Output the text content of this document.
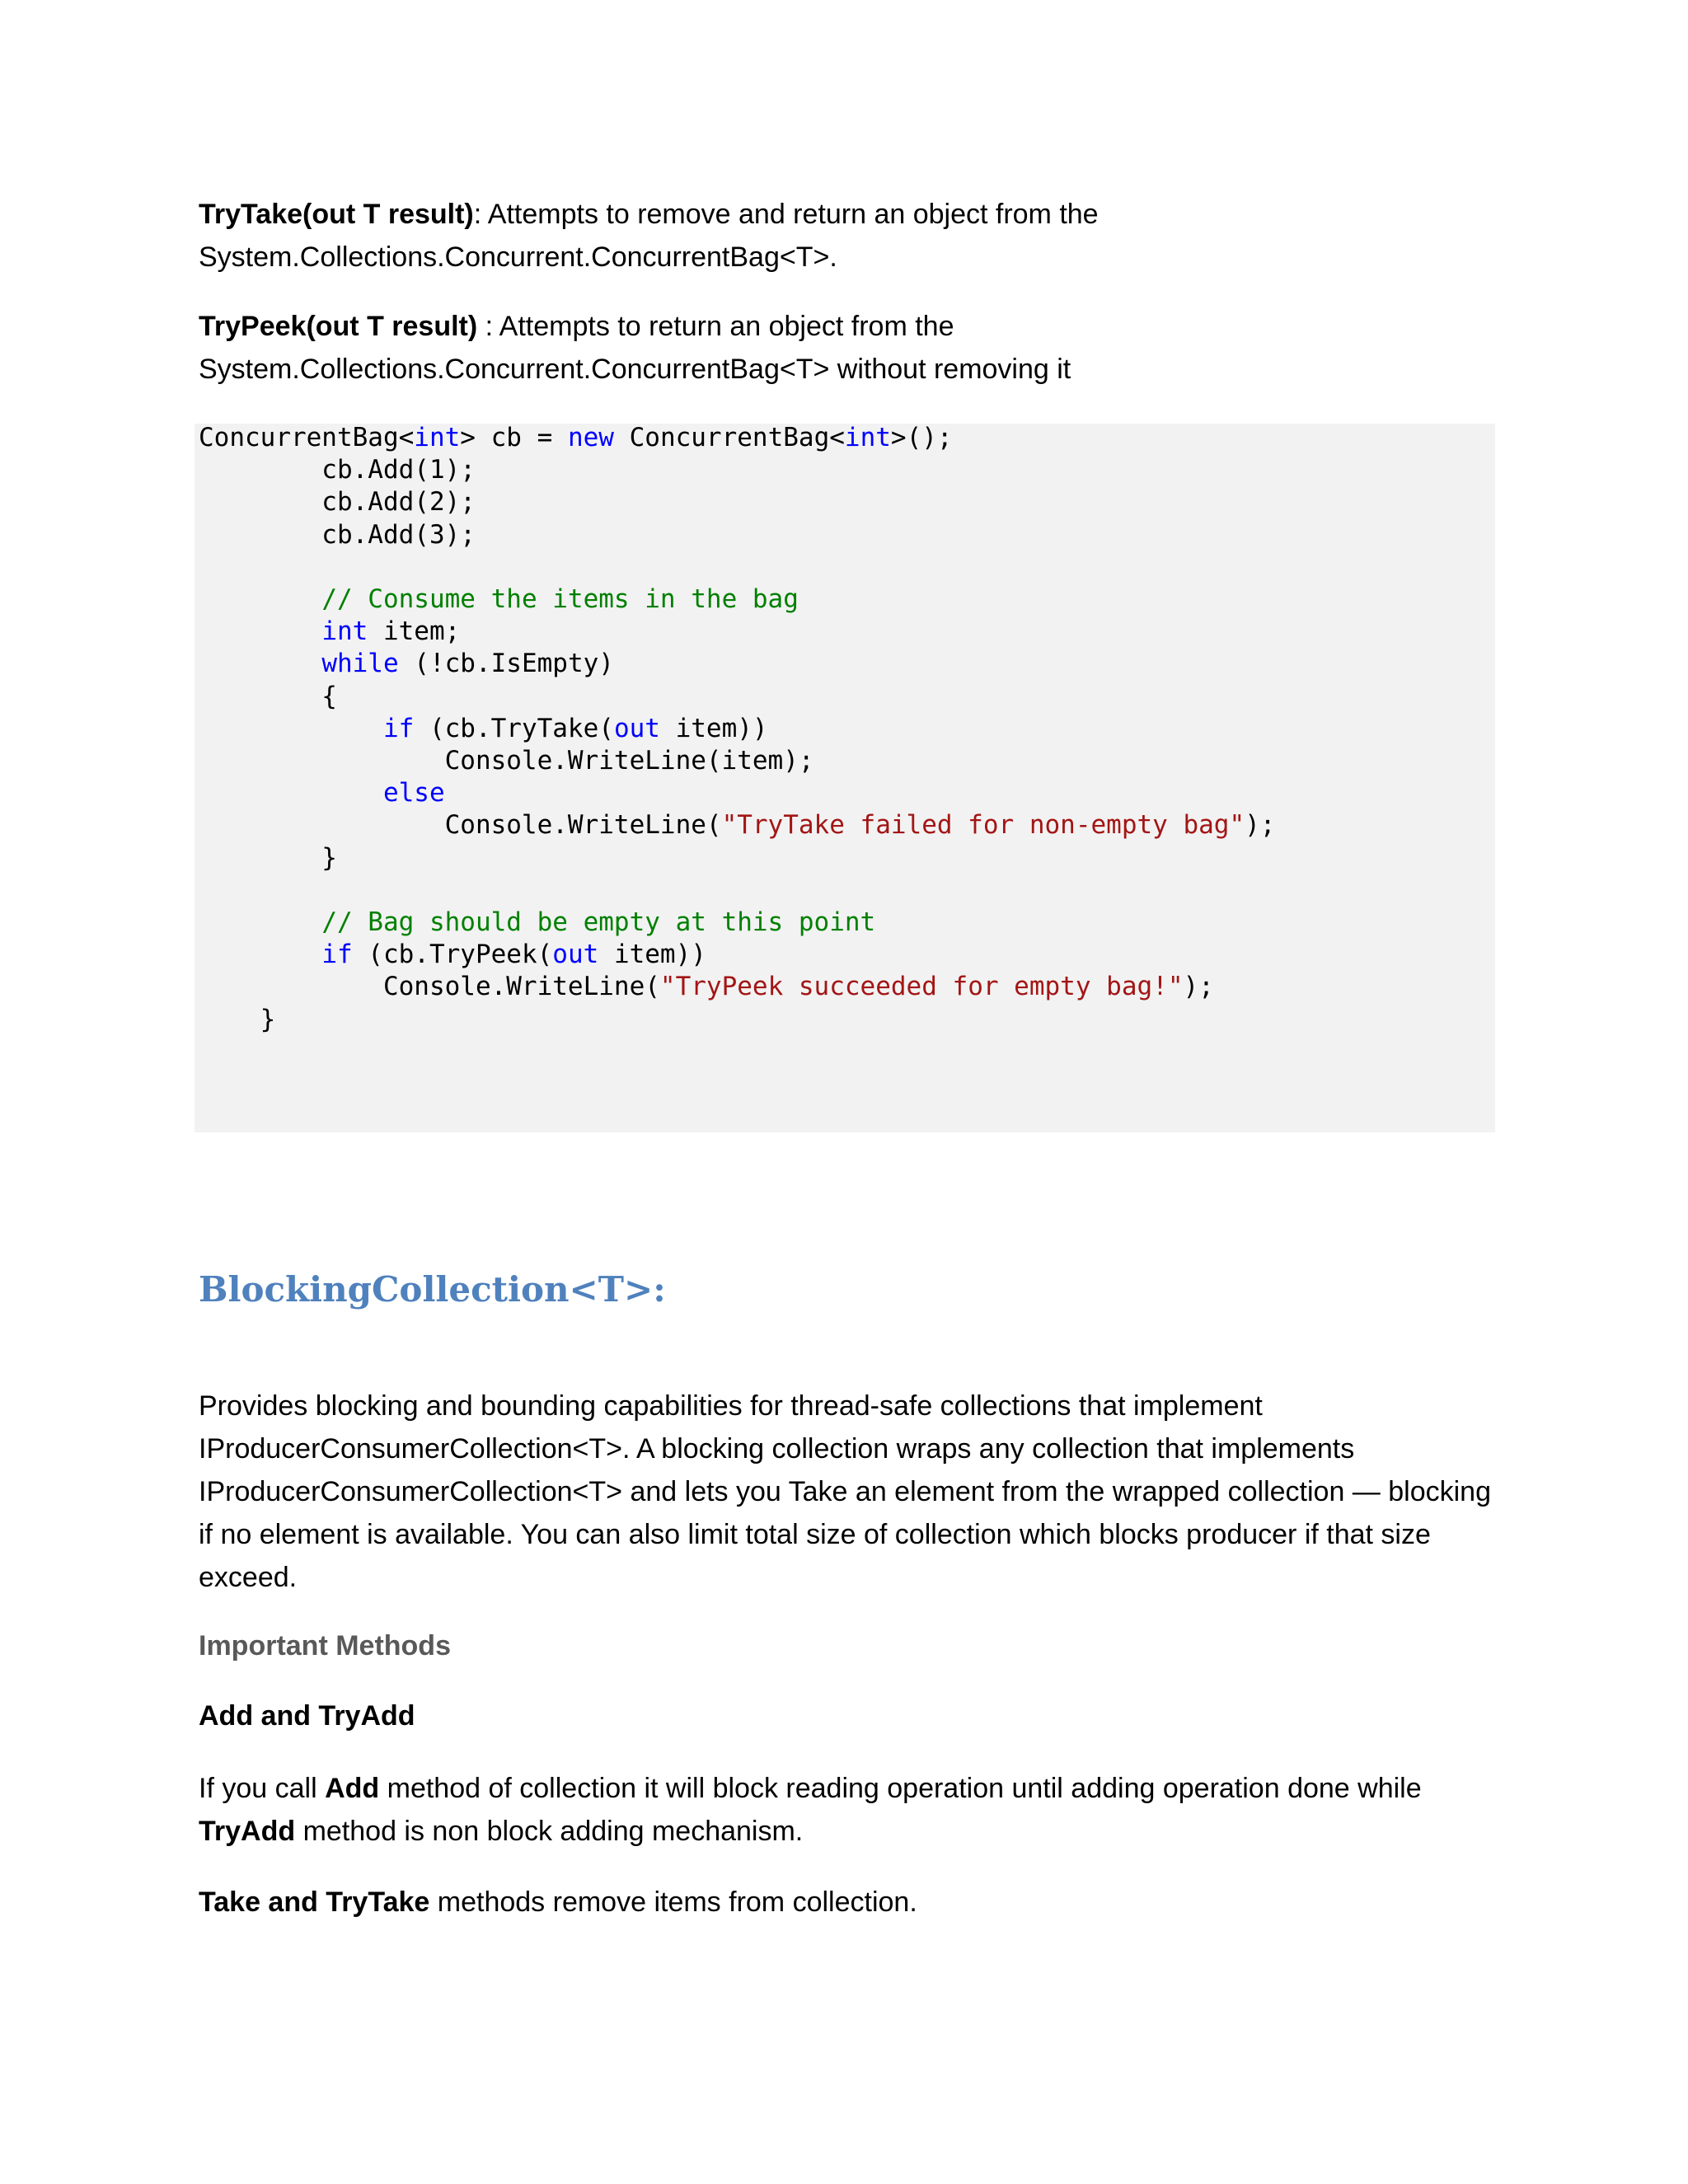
TryTake(out T result): Attempts to remove and return an object from the System.Collections.Concurrent.ConcurrentBag<T>.

TryPeek(out T result) : Attempts to return an object from the System.Collections.Concurrent.ConcurrentBag<T> without removing it

ConcurrentBag<int> cb = new ConcurrentBag<int>();
cb.Add(1);
cb.Add(2);
cb.Add(3);

// Consume the items in the bag
int item;
while (!cb.IsEmpty)
{
if (cb.TryTake(out item))
Console.WriteLine(item);
else
Console.WriteLine("TryTake failed for non-empty bag");
}

// Bag should be empty at this point
if (cb.TryPeek(out item))
Console.WriteLine("TryPeek succeeded for empty bag!");
}
BlockingCollection<T>:

Provides blocking and bounding capabilities for thread-safe collections that implement IProducerConsumerCollection<T>. A blocking collection wraps any collection that implements IProducerConsumerCollection<T> and lets you Take an element from the wrapped collection — blocking if no element is available. You can also limit total size of collection which blocks producer if that size exceed.

Important Methods

Add and TryAdd

If you call Add method of collection it will block reading operation until adding operation done while TryAdd method is non block adding mechanism.

Take and TryTake methods remove items from collection.
